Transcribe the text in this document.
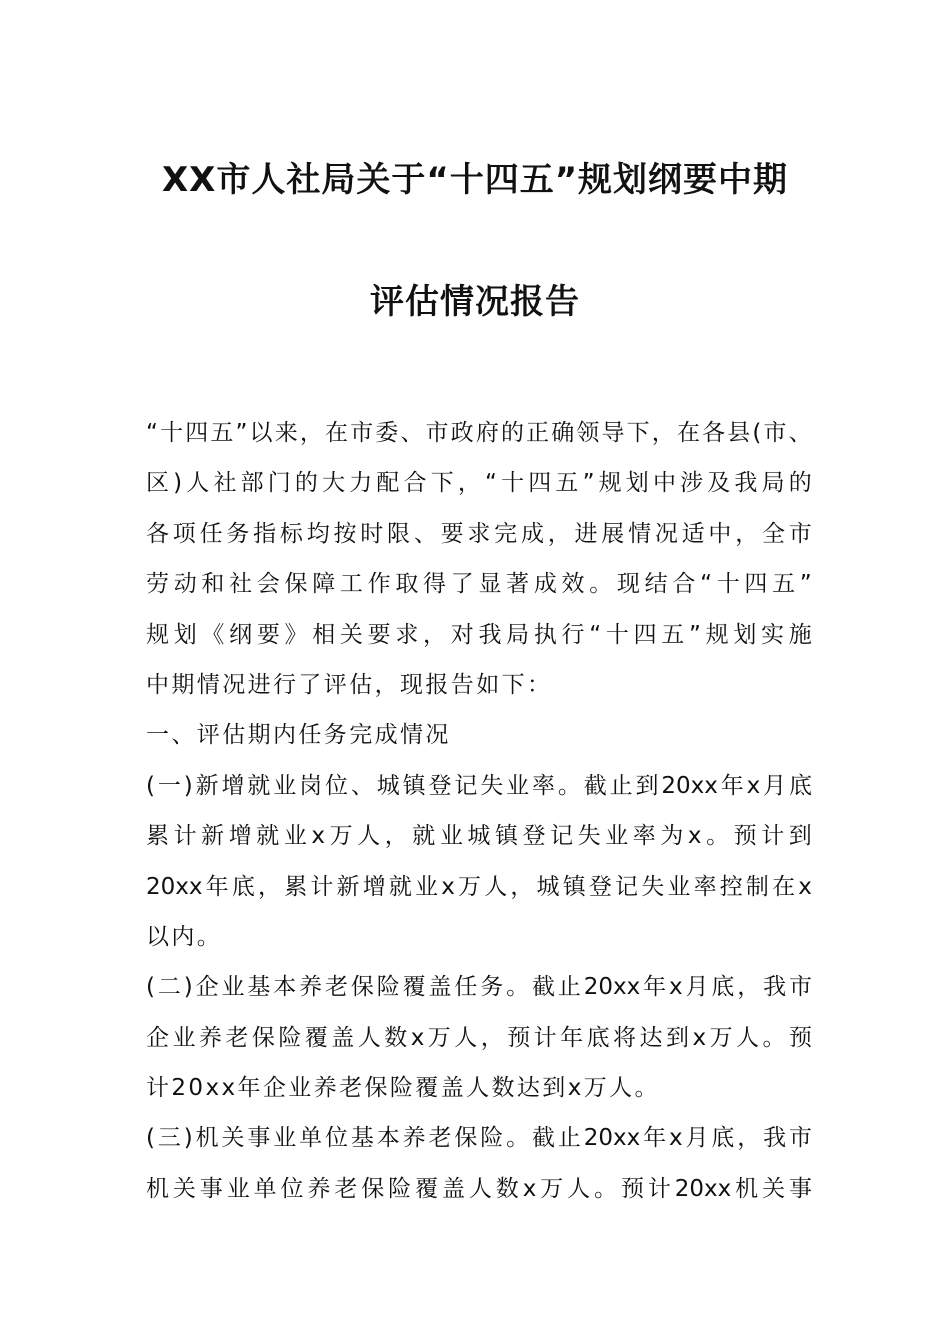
XX市人社局关于“十四五”规划纲要中期
评估情况报告
“ 十 四 五 ” 以 来 ， 在 市 委 、 市 政 府 的 正 确 领 导 下 ， 在 各 县 ( 市 、
区 ) 人 社 部 门 的 大 力 配 合 下 ， “ 十 四 五 ” 规 划 中 涉 及 我 局 的
各 项 任 务 指 标 均 按 时 限 、 要 求 完 成 ， 进 展 情 况 适 中 ， 全 市
劳 动 和 社 会 保 障 工 作 取 得 了 显 著 成 效 。 现 结 合 “ 十 四 五 ”
规 划 《 纲 要 》 相 关 要 求 ， 对 我 局 执 行 “ 十 四 五 ” 规 划 实 施
中期情况进行了评估，现报告如下：
一、评估期内任务完成情况
( 一 ) 新 增 就 业 岗 位 、 城 镇 登 记 失 业 率 。 截 止 到 20xx 年 x 月 底
累 计 新 增 就 业 x 万 人 ， 就 业 城 镇 登 记 失 业 率 为 x 。 预 计 到
20xx 年 底 ， 累 计 新 增 就 业 x 万 人 ， 城 镇 登 记 失 业 率 控 制 在 x
以内。
( 二 ) 企 业 基 本 养 老 保 险 覆 盖 任 务 。 截 止 20xx 年 x 月 底 ， 我 市
企 业 养 老 保 险 覆 盖 人 数 x 万 人 ， 预 计 年 底 将 达 到 x 万 人 。 预
计20xx年企业养老保险覆盖人数达到x万人。
( 三 ) 机 关 事 业 单 位 基 本 养 老 保 险 。 截 止 20xx 年 x 月 底 ， 我 市
机 关 事 业 单 位 养 老 保 险 覆 盖 人 数 x 万 人 。 预 计 20xx 机 关 事
